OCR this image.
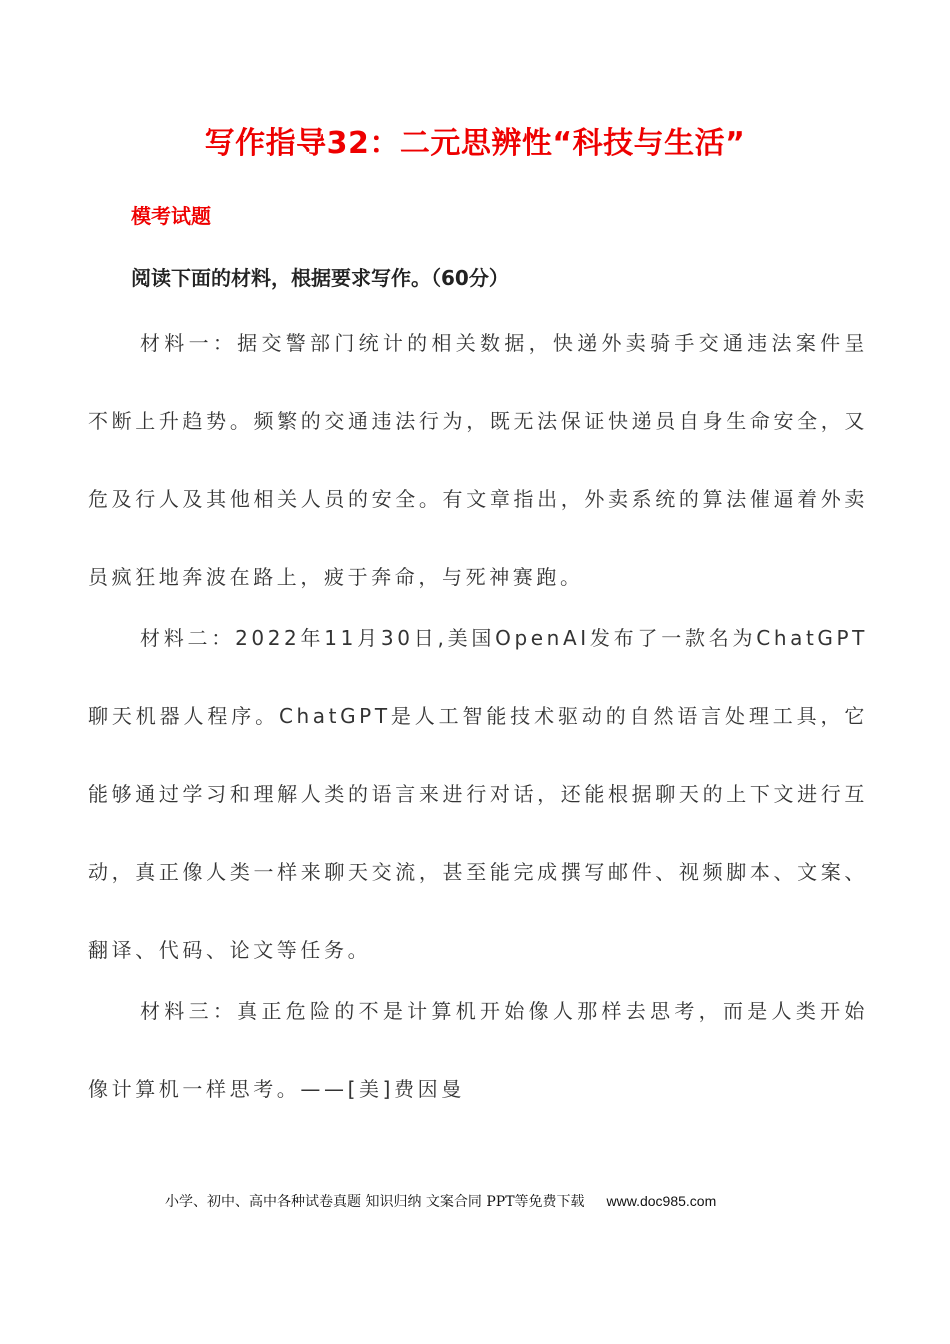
写作指导32：二元思辨性“科技与生活”
模考试题
阅读下面的材料，根据要求写作。（60分）

材料一：据交警部门统计的相关数据，快递外卖骑手交通违法案件呈不断上升趋势。频繁的交通违法行为，既无法保证快递员自身生命安全，又危及行人及其他相关人员的安全。有文章指出，外卖系统的算法催逼着外卖员疯狂地奔波在路上，疲于奔命，与死神赛跑。

材料二：2022年11月30日,美国OpenAI发布了一款名为ChatGPT聊天机器人程序。ChatGPT是人工智能技术驱动的自然语言处理工具，它能够通过学习和理解人类的语言来进行对话，还能根据聊天的上下文进行互动，真正像人类一样来聊天交流，甚至能完成撰写邮件、视频脚本、文案、翻译、代码、论文等任务。

材料三：真正危险的不是计算机开始像人那样去思考，而是人类开始像计算机一样思考。——[美]费因曼

小学、初中、高中各种试卷真题 知识归纳 文案合同 PPT等免费下载 www.doc985.com
